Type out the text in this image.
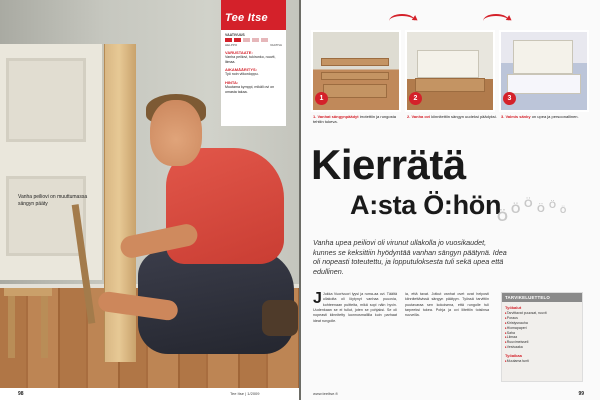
Vanha peiliovi on muuttumassa sängyn pääty
Tee Itse
VAATIVUUS
HELPPO	VAATIVA
VARUSTAATE:
Vanha peiliovi, tukirunko, ruuvit, liimaa.
AIKAMÄÄRITYS:
Työ noin viikonloppu.
HINTA:
Muutama kymppi, mikäli ovi on omasta takaa.
98	Tee Itse | 1/2009
1	2	3
1. Vanhat sängynpäädyt irrotettiin ja rungosta tehtiin tukeva.
2. Vanha ovi kiinnitettiin sängyn uudeksi päädyksi. 3. Valmis sänky on upea ja persoonallinen.
Kierrätä
A:sta Ö:hön
Ö Ö Ö Ö Ö
Ö
Vanha upea peiliovi oli virunut ullakolla jo vuosikaudet, kunnes se keksittiin hyödyntää vanhan sängyn päätynä. Idea oli nopeasti toteutettu, ja lopputuloksesta tuli sekä upea että edullinen.
J Jukka Vuorivuori lyysi ja ruma-aa ovi. Täältä ullakolta oli löytynyt vanhaa puuovia, kohteenaan puitteita, mikä sopi näin hyvin. Uudenkaan se ei tullut, joten se pohjaksi. Se oli nopeasti kiinnitetty luonnosmallilla kuin parhaat ideat rungolle.
ia, että tavat. Jotkut vanhat ovet ovat helposti kiinnitettävissä sängyn päätyyn. Työssä tarvittiin puutavaraa sen kokoisena, että rungolle tuli tarpeeksi tukea. Pohja ja ovi liitettiin toisiinsa ruuveilla.
TARVIKELUETTELO
Työkalut
▸ Tarvittavat puuosat, ruuvit
▸ Poraus
▸ Kiristysnauha
▸ Hiomapaperi
▸ Saha
▸ Liimaa
▸ Ruuvimeisseli
▸ Vesivaaka
Työaikaa
▸ Muutama tunti
www.teeitse.fi	99
